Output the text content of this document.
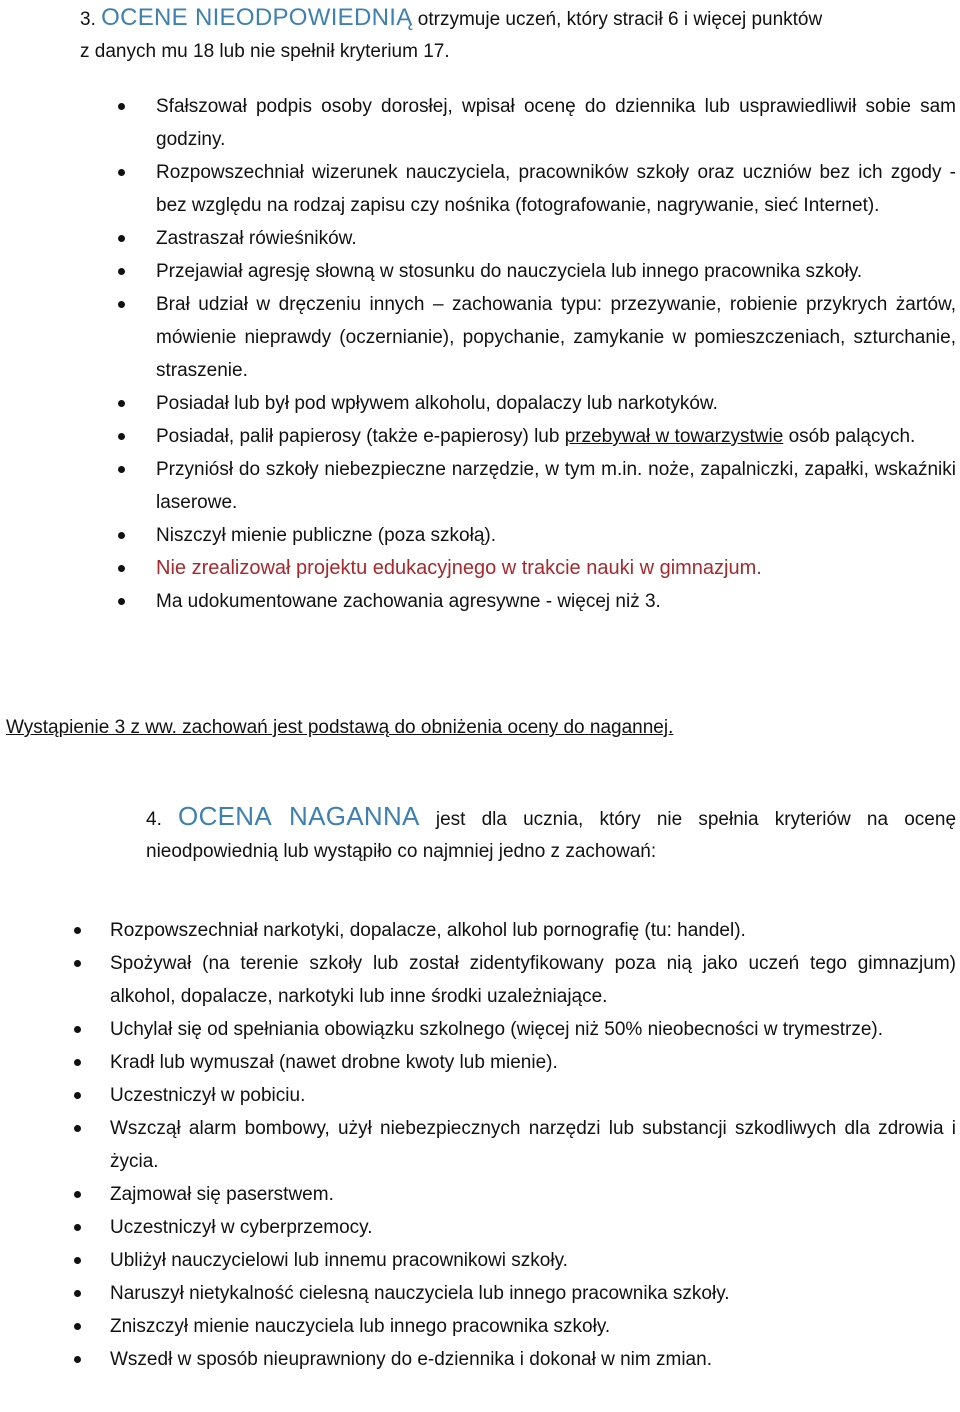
3. OCENE NIEODPOWIEDNIĄ otrzymuje uczeń, który stracił 6 i więcej punktów
z danych mu 18 lub nie spełnił kryterium 17.
Sfałszował podpis osoby dorosłej, wpisał ocenę do dziennika lub usprawiedliwił sobie sam godziny.
Rozpowszechniał wizerunek nauczyciela, pracowników szkoły oraz uczniów bez ich zgody - bez względu na rodzaj zapisu czy nośnika (fotografowanie, nagrywanie, sieć Internet).
Zastraszał rówieśników.
Przejawiał agresję słowną w stosunku do nauczyciela lub innego pracownika szkoły.
Brał udział w dręczeniu innych – zachowania typu: przezywanie, robienie przykrych żartów, mówienie nieprawdy (oczernianie), popychanie, zamykanie w pomieszczeniach, szturchanie, straszenie.
Posiadał lub był pod wpływem alkoholu, dopalaczy lub narkotyków.
Posiadał, palił papierosy (także e-papierosy) lub przebywał w towarzystwie osób palących.
Przyniósł do szkoły niebezpieczne narzędzie, w tym m.in. noże, zapalniczki, zapałki, wskaźniki laserowe.
Niszczył mienie publiczne (poza szkołą).
Nie zrealizował projektu edukacyjnego w trakcie nauki w gimnazjum.
Ma udokumentowane zachowania agresywne - więcej niż 3.
Wystąpienie 3 z ww. zachowań jest podstawą do obniżenia oceny do nagannej.
4. OCENA NAGANNA jest dla ucznia, który nie spełnia kryteriów na ocenę nieodpowiednią lub wystąpiło co najmniej jedno z zachowań:
Rozpowszechniał narkotyki, dopalacze, alkohol lub pornografię (tu: handel).
Spożywał (na terenie szkoły lub został zidentyfikowany poza nią jako uczeń tego gimnazjum) alkohol, dopalacze, narkotyki lub inne środki uzależniające.
Uchylał się od spełniania obowiązku szkolnego (więcej niż 50% nieobecności w trymestrze).
Kradł lub wymuszał (nawet drobne kwoty lub mienie).
Uczestniczył w pobiciu.
Wszczął alarm bombowy, użył niebezpiecznych narzędzi lub substancji szkodliwych dla zdrowia i życia.
Zajmował się paserstwem.
Uczestniczył w cyberprzemocy.
Ubliżył nauczycielowi lub innemu pracownikowi szkoły.
Naruszył nietykalność cielesną nauczyciela lub innego pracownika szkoły.
Zniszczył mienie nauczyciela lub innego pracownika szkoły.
Wszedł w sposób nieuprawniony do e-dziennika i dokonał w nim zmian.
